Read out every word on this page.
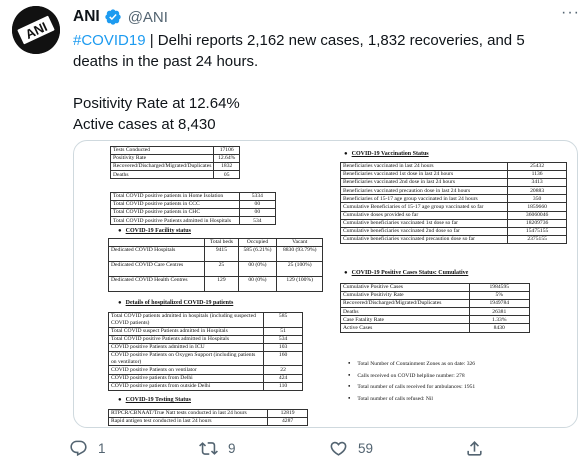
ANI
ANI @ANI	···

#COVID19 | Delhi reports 2,162 new cases, 1,832 recoveries, and 5 deaths in the past 24 hours.

Positivity Rate at 12.64%

Active cases at 8,430

Tests Conducted	17106
Positivity Rate	12.64%
Recovered/Discharged/Migrated/Duplicates	1832
Deaths	05
Total COVID positive patients in Home Isolation	5334
Total COVID positive patients in CCC	00
Total COVID positive patients in CHC	00
Total COVID positive Patients admitted in Hospitals	534
● COVID-19 Facility status
	Total beds	Occupied	Vacant
Dedicated COVID Hospitals	9415	585 (6.21%)	8830 (93.79%)
Dedicated COVID Care Centres	25	00 (0%)	25 (100%)
Dedicated COVID Health Centres	129	00 (0%)	129 (100%)
● Details of hospitalized COVID-19 patients
Total COVID patients admitted in hospitals (including suspected COVID patients)	585
Total COVID suspect Patients admitted in Hospitals	51
Total COVID positive Patients admitted in Hospitals	534
COVID positive Patients admitted in ICU	103
COVID positive Patients on Oxygen Support (including patients on ventilator)	160
COVID positive Patients on ventilator	22
COVID positive patients from Delhi	424
COVID positive patients from outside Delhi	110
● COVID-19 Testing Status
RTPCR/CBNAAT/True Natt tests conducted in last 24 hours	12819
Rapid antigen test conducted in last 24 hours	4287
● COVID-19 Vaccination Status
Beneficiaries vaccinated in last 24 hours	25432
Beneficiaries vaccinated 1st dose in last 24 hours	1136
Beneficiaries vaccinated 2nd dose in last 24 hours	3413
Beneficiaries vaccinated precaution dose in last 24 hours	20883
Beneficiaries of 15-17 age group vaccinated in last 24 hours	350
Cumulative Beneficiaries of 15-17 age group vaccinated so far	1859660
Cumulative doses provided so far	36060046
Cumulative beneficiaries vaccinated 1st dose so far	18209736
Cumulative beneficiaries vaccinated 2nd dose so far	15475155
Cumulative beneficiaries vaccinated precaution dose so far	2375155
● COVID-19 Positive Cases Status: Cumulative
Cumulative Positive Cases	1984595
Cumulative Positivity Rate	5%
Recovered/Discharged/Migrated/Duplicates	1949784
Deaths	26381
Case Fatality Rate	1.33%
Active Cases	8430
● Total Number of Containment Zones as on date: 326
● Calls received on COVID helpline number: 278
● Total number of calls received for ambulances: 1951
● Total number of calls refused: Nil
1	9	59
